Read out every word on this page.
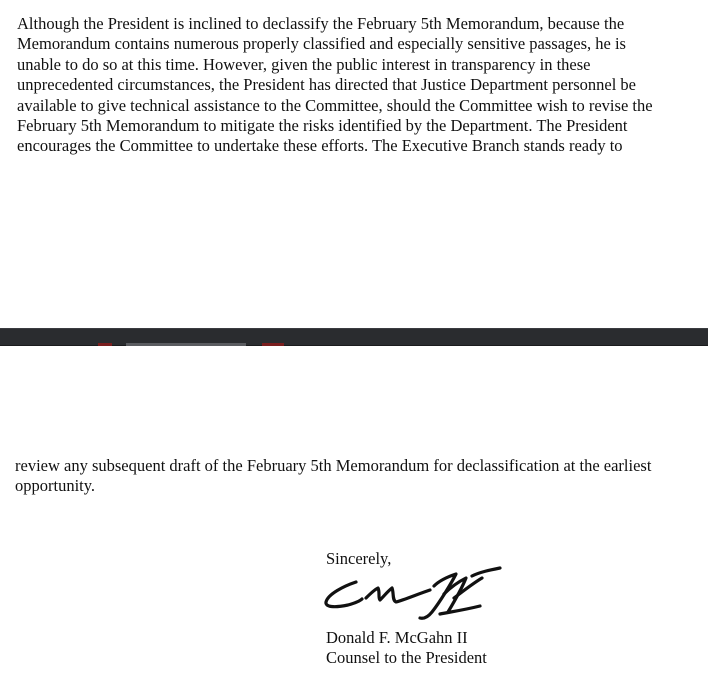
Although the President is inclined to declassify the February 5th Memorandum, because the
Memorandum contains numerous properly classified and especially sensitive passages, he is
unable to do so at this time. However, given the public interest in transparency in these
unprecedented circumstances, the President has directed that Justice Department personnel be
available to give technical assistance to the Committee, should the Committee wish to revise the
February 5th Memorandum to mitigate the risks identified by the Department. The President
encourages the Committee to undertake these efforts. The Executive Branch stands ready to

review any subsequent draft of the February 5th Memorandum for declassification at the earliest
opportunity.

Sincerely,

Donald F. McGahn II

Counsel to the President
